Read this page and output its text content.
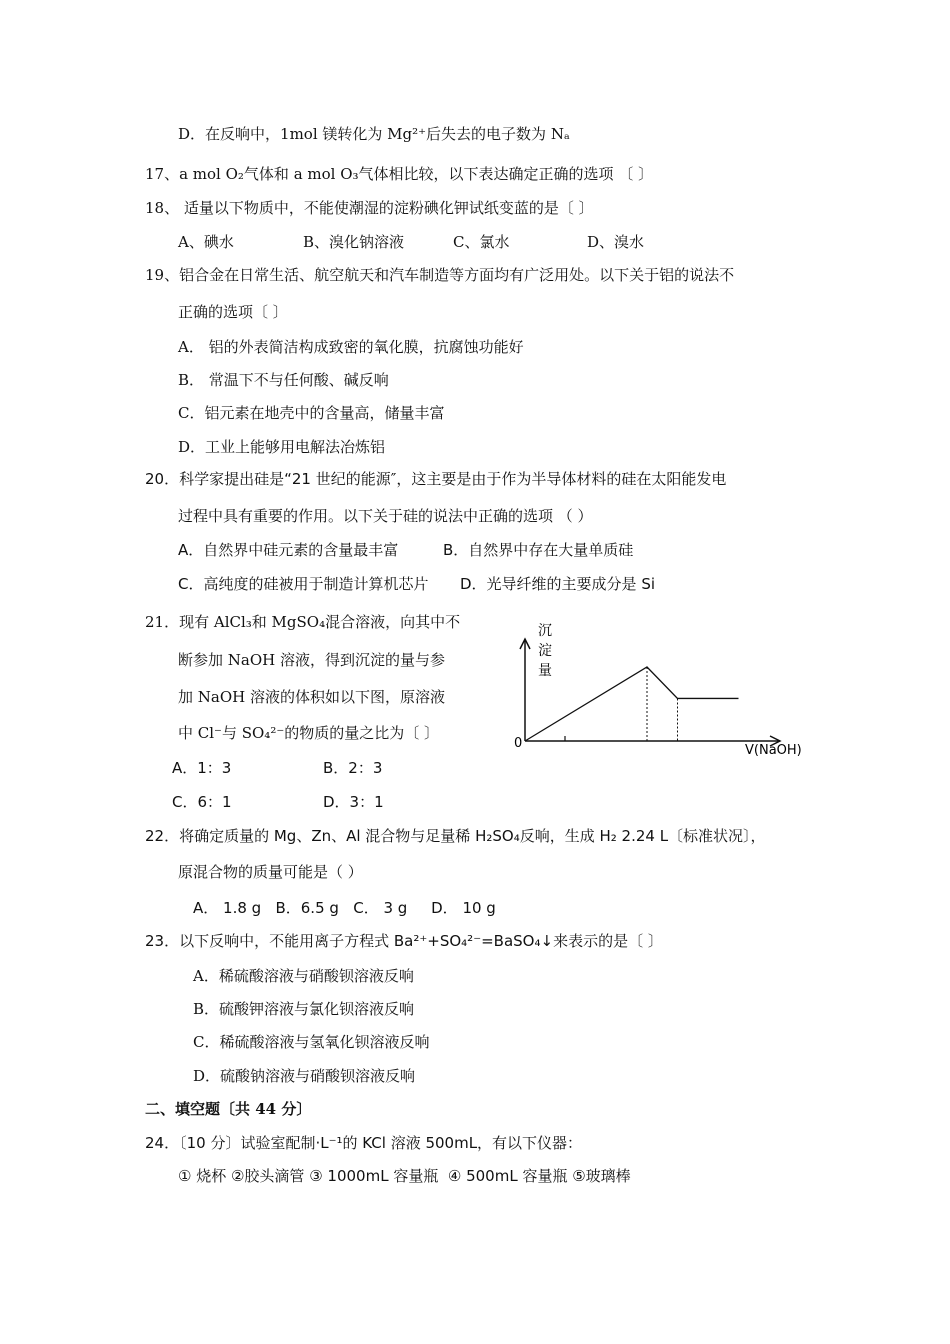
D．在反响中，1mol 镁转化为 Mg²⁺后失去的电子数为 Nₐ
17、a mol O₂气体和 a mol O₃气体相比较，以下表达确定正确的选项 〔 〕
18、 适量以下物质中，不能使潮湿的淀粉碘化钾试纸变蓝的是〔 〕
A、碘水	B、溴化钠溶液	C、氯水	D、溴水
19、铝合金在日常生活、航空航天和汽车制造等方面均有广泛用处。以下关于铝的说法不
正确的选项〔 〕
A． 铝的外表简洁构成致密的氧化膜，抗腐蚀功能好
B． 常温下不与任何酸、碱反响
C．铝元素在地壳中的含量高，储量丰富
D．工业上能够用电解法冶炼铝
20．科学家提出硅是“21 世纪的能源″，这主要是由于作为半导体材料的硅在太阳能发电
过程中具有重要的作用。以下关于硅的说法中正确的选项 （ ）
A．自然界中硅元素的含量最丰富	B．自然界中存在大量单质硅
C．高纯度的硅被用于制造计算机芯片 D．光导纤维的主要成分是 Si
21．现有 AlCl₃和 MgSO₄混合溶液，向其中不
断参加 NaOH 溶液，得到沉淀的量与参
加 NaOH 溶液的体积如以下图，原溶液
中 Cl⁻与 SO₄²⁻的物质的量之比为〔 〕
沉
淀
量
0	V(NaOH)
A．1：3	B．2：3
C．6：1	D．3：1
22．将确定质量的 Mg、Zn、Al 混合物与足量稀 H₂SO₄反响，生成 H₂ 2.24 L〔标准状况〕，
原混合物的质量可能是（ ）
A． 1.8 g   B．6.5 g   C． 3 g     D． 10 g
23．以下反响中，不能用离子方程式 Ba²⁺+SO₄²⁻=BaSO₄↓来表示的是〔 〕
A．稀硫酸溶液与硝酸钡溶液反响
B．硫酸钾溶液与氯化钡溶液反响
C．稀硫酸溶液与氢氧化钡溶液反响
D．硫酸钠溶液与硝酸钡溶液反响
二、填空题〔共 44 分〕
24．〔10 分〕试验室配制·L⁻¹的 KCl 溶液 500mL，有以下仪器：
① 烧杯 ②胶头滴管 ③ 1000mL 容量瓶  ④ 500mL 容量瓶 ⑤玻璃棒
